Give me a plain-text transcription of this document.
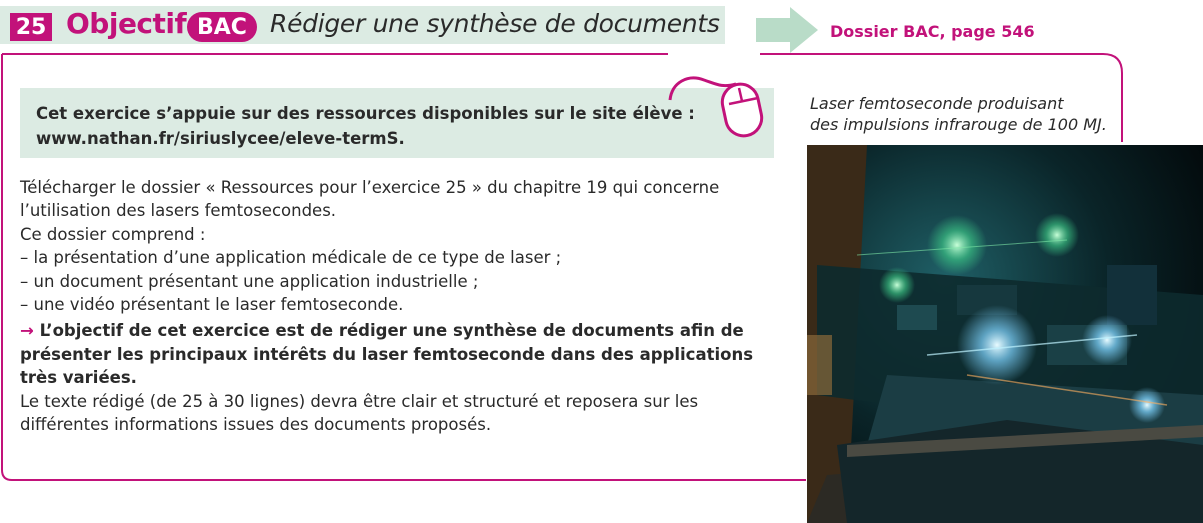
25 Objectif BAC Rédiger une synthèse de documents	Dossier BAC, page 546
Cet exercice s’appuie sur des ressources disponibles sur le site élève :
www.nathan.fr/siriuslycee/eleve-termS.

Télécharger le dossier « Ressources pour l’exercice 25 » du chapitre 19 qui concerne l’utilisation des lasers femtosecondes.

Ce dossier comprend :

– la présentation d’une application médicale de ce type de laser ;

– un document présentant une application industrielle ;

– une vidéo présentant le laser femtoseconde.

→ L’objectif de cet exercice est de rédiger une synthèse de documents afin de présenter les principaux intérêts du laser femtoseconde dans des applications très variées.

Le texte rédigé (de 25 à 30 lignes) devra être clair et structuré et reposera sur les différentes informations issues des documents proposés.

Laser femtoseconde produisant
des impulsions infrarouge de 100 MJ.
